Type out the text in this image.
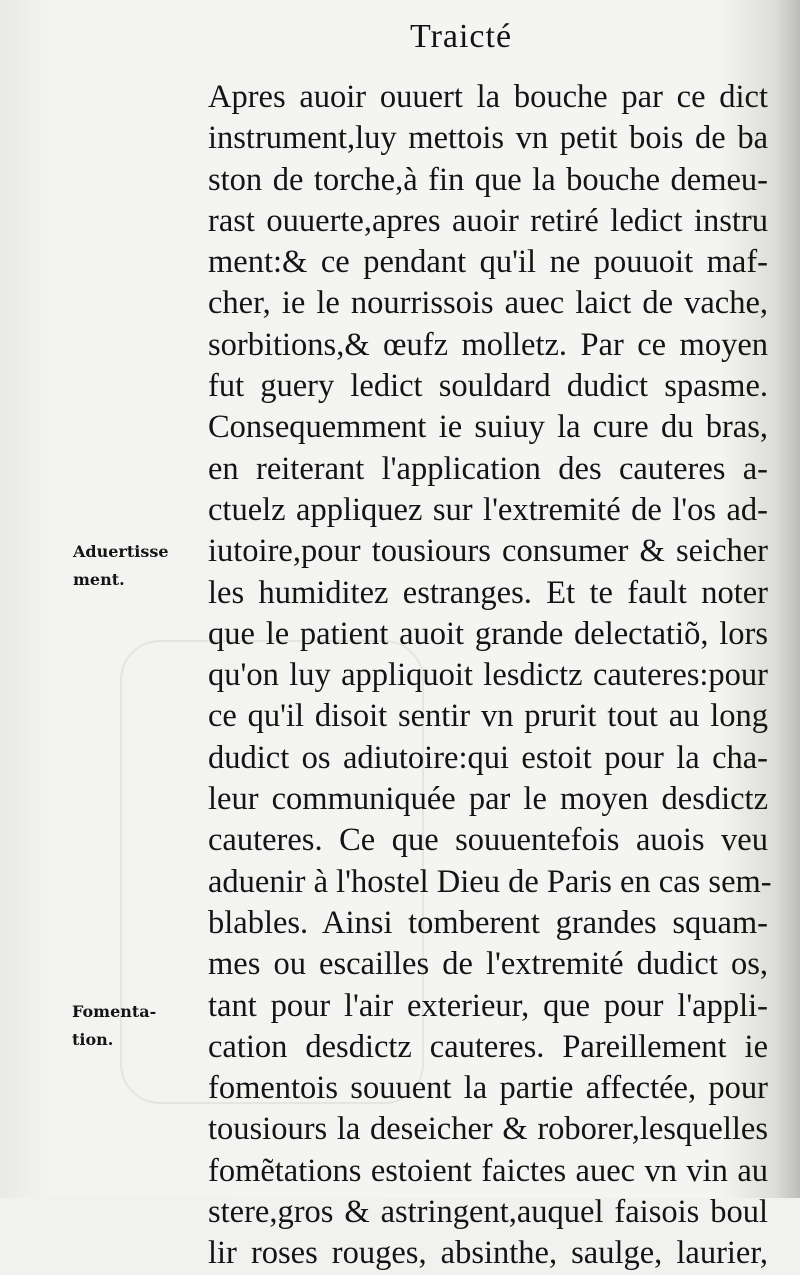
Traicté
Apres auoir ouuert la bouche par ce dict
instrument,luy mettois vn petit bois de ba
ston de torche,à fin que la bouche demeu-
rast ouuerte,apres auoir retiré ledict instru
ment:& ce pendant qu'il ne pouuoit maf-
cher, ie le nourrissois auec laict de vache,
sorbitions,& œufz molletz. Par ce moyen
fut guery ledict souldard dudict spasme.
Consequemment ie suiuy la cure du bras,
en reiterant l'application des cauteres a-
ctuelz appliquez sur l'extremité de l'os ad-
iutoire,pour tousiours consumer & seicher
les humiditez estranges. Et te fault noter
que le patient auoit grande delectatiõ, lors
qu'on luy appliquoit lesdictz cauteres:pour
ce qu'il disoit sentir vn prurit tout au long
dudict os adiutoire:qui estoit pour la cha-
leur communiquée par le moyen desdictz
cauteres. Ce que souuentefois auois veu
aduenir à l'hostel Dieu de Paris en cas sem-
blables. Ainsi tomberent grandes squam-
mes ou escailles de l'extremité dudict os,
tant pour l'air exterieur, que pour l'appli-
cation desdictz cauteres. Pareillement ie
fomentois souuent la partie affectée, pour
tousiours la deseicher & roborer,lesquelles
fomẽtations estoient faictes auec vn vin au
stere,gros & astringent,auquel faisois boul
lir roses rouges, absinthe, saulge, laurier,
Aduertisse
ment.
Fomenta-
tion.
